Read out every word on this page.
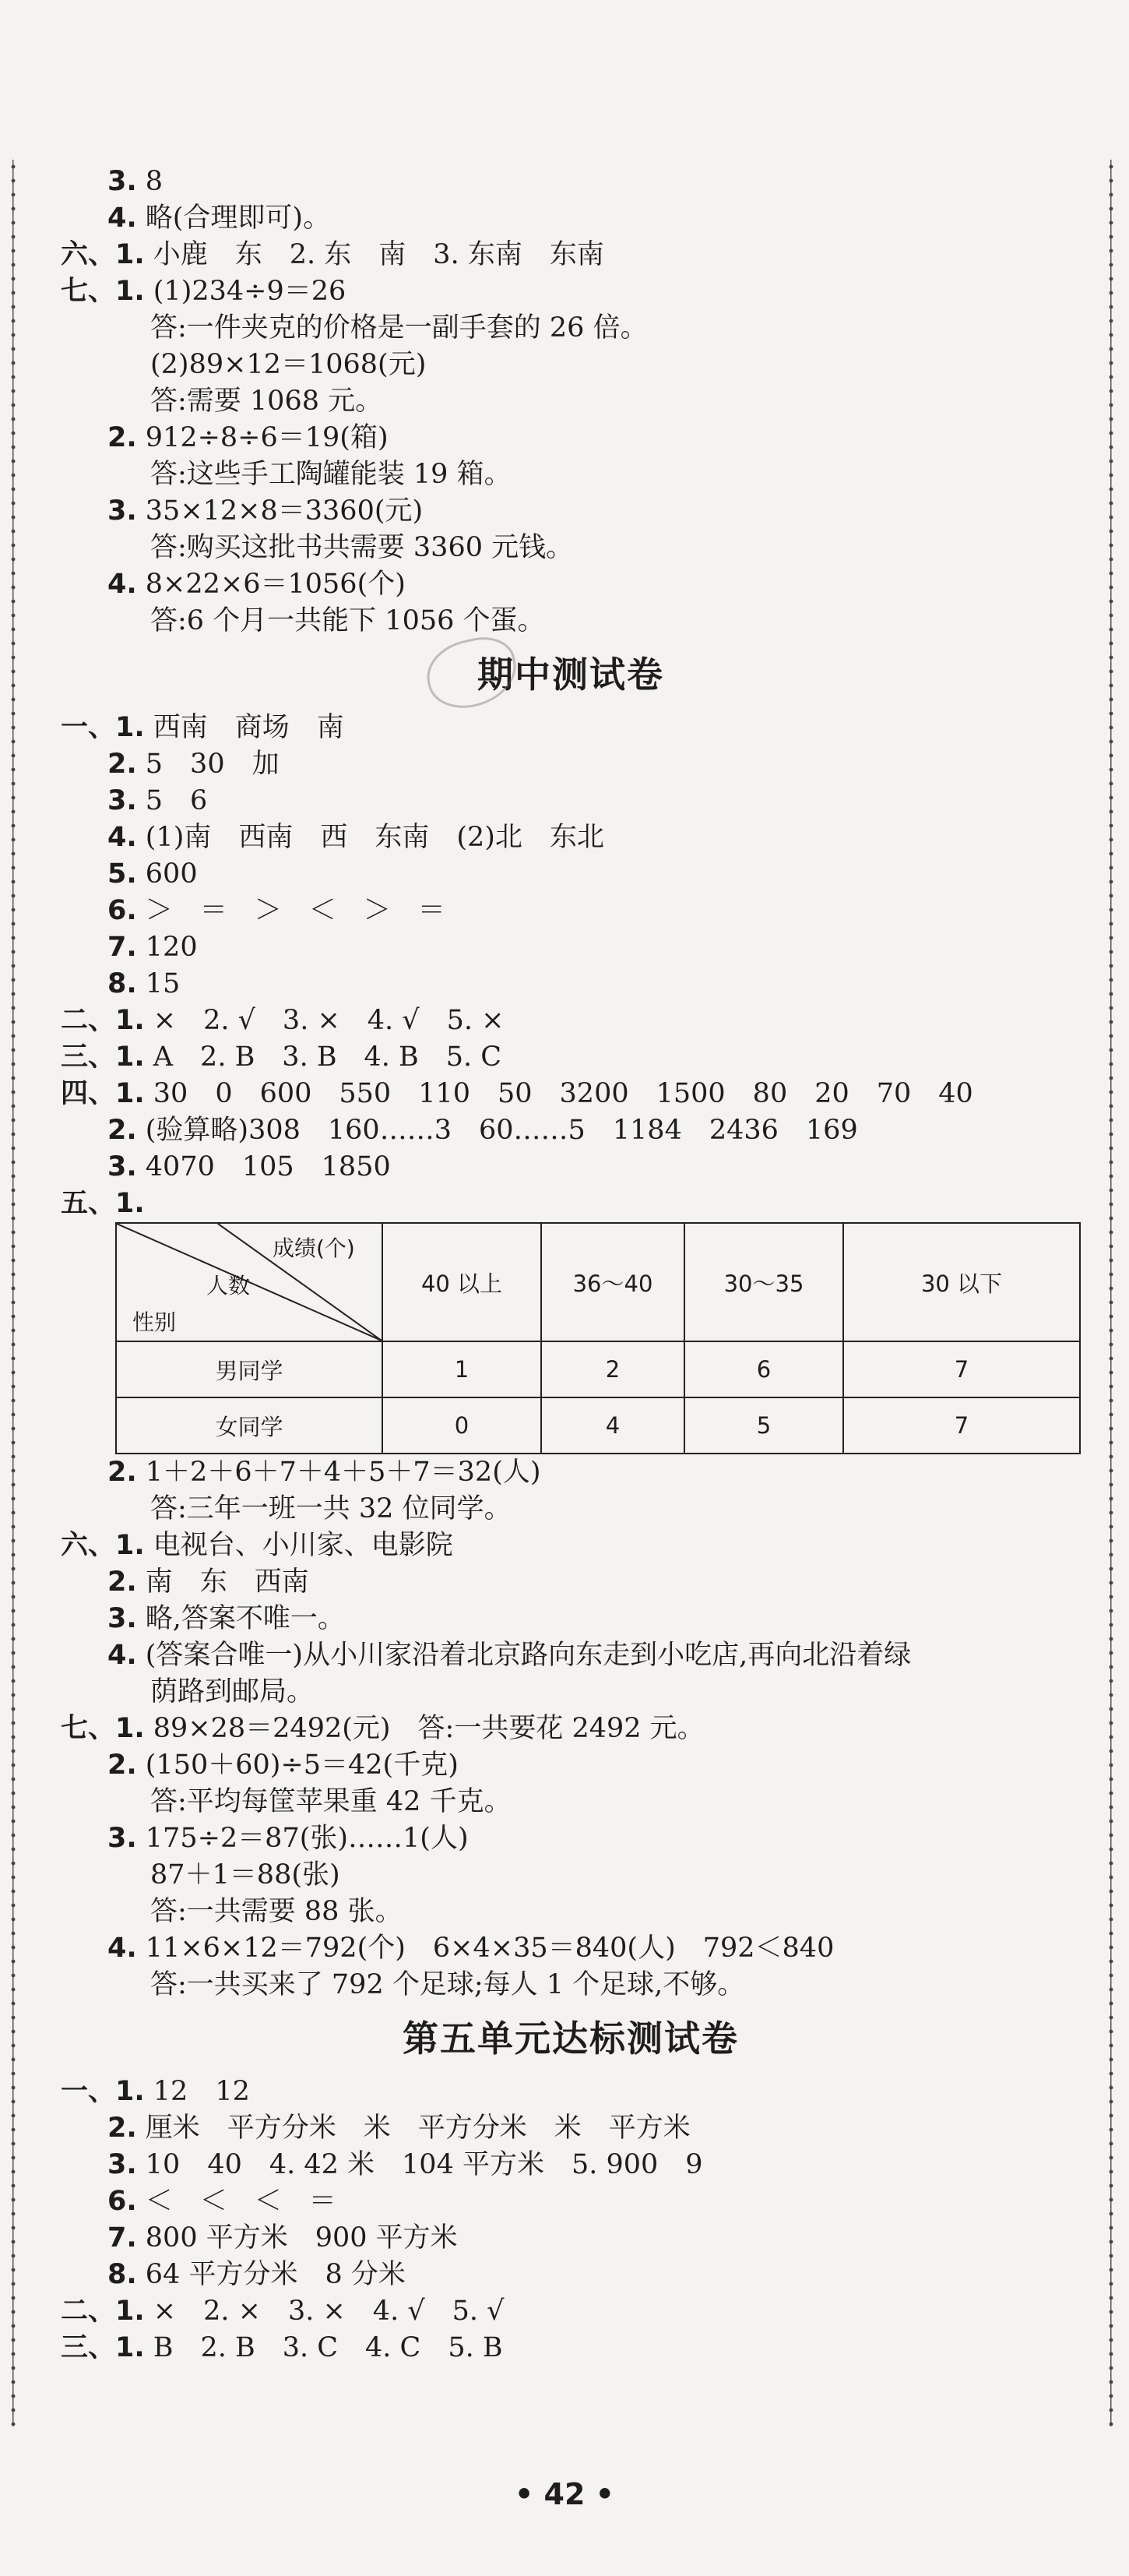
3. 8
4. 略(合理即可)。
六、1. 小鹿　东　2. 东　南　3. 东南　东南
七、1. (1)234÷9＝26
答:一件夹克的价格是一副手套的 26 倍。
(2)89×12＝1068(元)
答:需要 1068 元。
2. 912÷8÷6＝19(箱)
答:这些手工陶罐能装 19 箱。
3. 35×12×8＝3360(元)
答:购买这批书共需要 3360 元钱。
4. 8×22×6＝1056(个)
答:6 个月一共能下 1056 个蛋。
期中测试卷
一、1. 西南　商场　南
2. 5　30　加
3. 5　6
4. (1)南　西南　西　东南　(2)北　东北
5. 600
6. ＞　＝　＞　＜　＞　＝
7. 120
8. 15
二、1. ×　2. √　3. ×　4. √　5. ×
三、1. A　2. B　3. B　4. B　5. C
四、1. 30　0　600　550　110　50　3200　1500　80　20　70　40
2. (验算略)308　160……3　60……5　1184　2436　169
3. 4070　105　1850
五、1.
成绩(个)
人数
性别	40 以上	36～40	30～35	30 以下
男同学	1	2	6	7
女同学	0	4	5	7
2. 1＋2＋6＋7＋4＋5＋7＝32(人)
答:三年一班一共 32 位同学。
六、1. 电视台、小川家、电影院
2. 南　东　西南
3. 略,答案不唯一。
4. (答案合唯一)从小川家沿着北京路向东走到小吃店,再向北沿着绿
荫路到邮局。
七、1. 89×28＝2492(元)　答:一共要花 2492 元。
2. (150＋60)÷5＝42(千克)
答:平均每筐苹果重 42 千克。
3. 175÷2＝87(张)……1(人)
87＋1＝88(张)
答:一共需要 88 张。
4. 11×6×12＝792(个)　6×4×35＝840(人)　792＜840
答:一共买来了 792 个足球;每人 1 个足球,不够。
第五单元达标测试卷
一、1. 12　12
2. 厘米　平方分米　米　平方分米　米　平方米
3. 10　40　4. 42 米　104 平方米　5. 900　9
6. ＜　＜　＜　＝
7. 800 平方米　900 平方米
8. 64 平方分米　8 分米
二、1. ×　2. ×　3. ×　4. √　5. √
三、1. B　2. B　3. C　4. C　5. B
• 42 •
